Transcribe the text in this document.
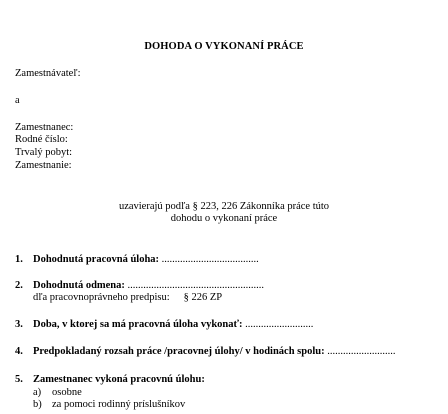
DOHODA O VYKONANÍ PRÁCE
Zamestnávateľ:
a
Zamestnanec:
Rodné číslo:
Trvalý pobyt:
Zamestnanie:
uzavierajú podľa § 223, 226 Zákonníka práce túto
dohodu o vykonaní práce
1. Dohodnutá pracovná úloha: .....................................
2. Dohodnutá odmena: ....................................................
dľa pracovnoprávneho predpisu: § 226 ZP
3. Doba, v ktorej sa má pracovná úloha vykonať: ..........................
4. Predpokladaný rozsah práce /pracovnej úlohy/ v hodinách spolu: ..........................
5. Zamestnanec vykoná pracovnú úlohu:
a) osobne
b) za pomoci rodinný príslušníkov
